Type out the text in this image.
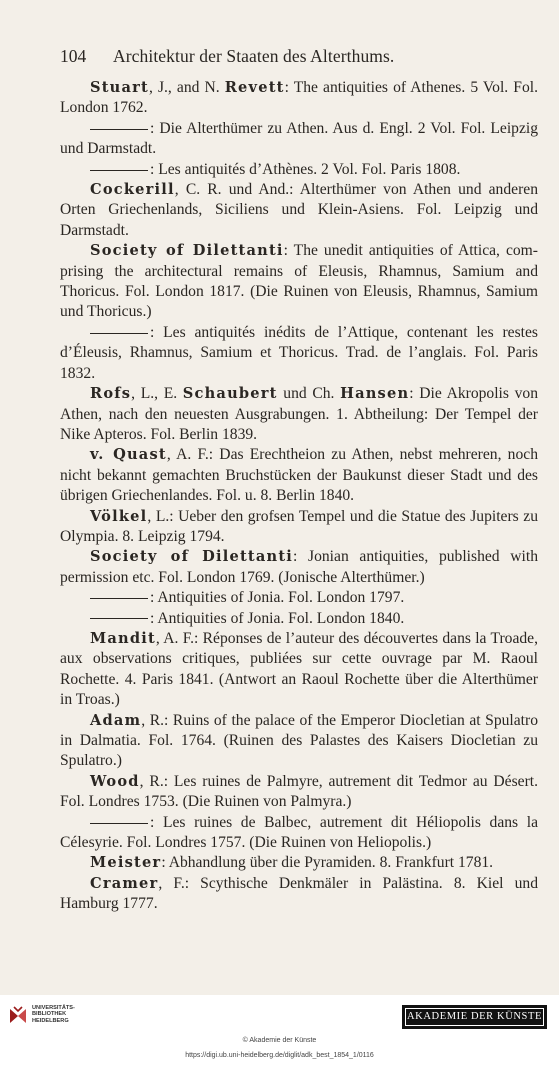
104 Architektur der Staaten des Alterthums.

Stuart, J., and N. Revett: The antiquities of Athenes. 5 Vol. Fol. London 1762.

: Die Alterthümer zu Athen. Aus d. Engl. 2 Vol. Fol. Leipzig und Darmstadt.

: Les antiquités d’Athènes. 2 Vol. Fol. Paris 1808.

Cockerill, C. R. und And.: Alterthümer von Athen und anderen Orten Griechenlands, Siciliens und Klein-Asiens. Fol. Leipzig und Darmstadt.

Society of Dilettanti: The unedit antiquities of Attica, comprising the architectural remains of Eleusis, Rhamnus, Samium and Thoricus. Fol. London 1817. (Die Ruinen von Eleusis, Rhamnus, Samium und Thoricus.)

: Les antiquités inédits de l’Attique, contenant les restes d’Éleusis, Rhamnus, Samium et Thoricus. Trad. de l’anglais. Fol. Paris 1832.

Rofs, L., E. Schaubert und Ch. Hansen: Die Akropolis von Athen, nach den neuesten Ausgrabungen. 1. Abtheilung: Der Tempel der Nike Apteros. Fol. Berlin 1839.

v. Quast, A. F.: Das Erechtheion zu Athen, nebst mehreren, noch nicht bekannt gemachten Bruchstücken der Baukunst dieser Stadt und des übrigen Griechenlandes. Fol. u. 8. Berlin 1840.

Völkel, L.: Ueber den grofsen Tempel und die Statue des Jupiters zu Olympia. 8. Leipzig 1794.

Society of Dilettanti: Jonian antiquities, published with permission etc. Fol. London 1769. (Jonische Alterthümer.)

: Antiquities of Jonia. Fol. London 1797.

: Antiquities of Jonia. Fol. London 1840.

Mandit, A. F.: Réponses de l’auteur des découvertes dans la Troade, aux observations critiques, publiées sur cette ouvrage par M. Raoul Rochette. 4. Paris 1841. (Antwort an Raoul Rochette über die Alterthümer in Troas.)

Adam, R.: Ruins of the palace of the Emperor Diocletian at Spulatro in Dalmatia. Fol. 1764. (Ruinen des Palastes des Kaisers Diocletian zu Spulatro.)

Wood, R.: Les ruines de Palmyre, autrement dit Tedmor au Désert. Fol. Londres 1753. (Die Ruinen von Palmyra.)

: Les ruines de Balbec, autrement dit Héliopolis dans la Célesyrie. Fol. Londres 1757. (Die Ruinen von Heliopolis.)

Meister: Abhandlung über die Pyramiden. 8. Frankfurt 1781.

Cramer, F.: Scythische Denkmäler in Palästina. 8. Kiel und Hamburg 1777.

UNIVERSITÄTS-
BIBLIOTHEK
HEIDELBERG	AKADEMIE DER KÜNSTE
© Akademie der Künste
https://digi.ub.uni-heidelberg.de/diglit/adk_best_1854_1/0116
